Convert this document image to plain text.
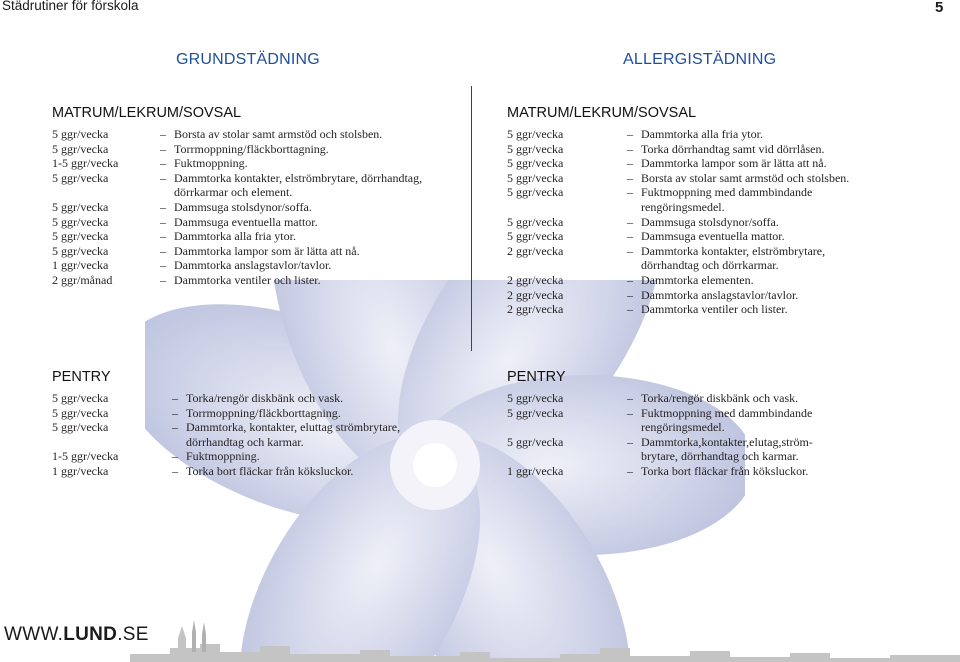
Städrutiner för förskola	5
GRUNDSTÄDNING	ALLERGISTÄDNING
MATRUM/LEKRUM/SOVSAL
5 ggr/vecka	– Borsta av stolar samt armstöd och stolsben.
5 ggr/vecka	– Torrmoppning/fläckborttagning.
1-5 ggr/vecka	– Fuktmoppning.
5 ggr/vecka	– Dammtorka kontakter, elströmbrytare, dörrhandtag, dörrkarmar och element.
5 ggr/vecka	– Dammsuga stolsdynor/soffa.
5 ggr/vecka	– Dammsuga eventuella mattor.
5 ggr/vecka	– Dammtorka alla fria ytor.
5 ggr/vecka	– Dammtorka lampor som är lätta att nå.
1 ggr/vecka	– Dammtorka anslagstavlor/tavlor.
2 ggr/månad	– Dammtorka ventiler och lister.
MATRUM/LEKRUM/SOVSAL
5 ggr/vecka	– Dammtorka alla fria ytor.
5 ggr/vecka	– Torka dörrhandtag samt vid dörrlåsen.
5 ggr/vecka	– Dammtorka lampor som är lätta att nå.
5 ggr/vecka	– Borsta av stolar samt armstöd och stolsben.
5 ggr/vecka	– Fuktmoppning med dammbindande rengöringsmedel.
5 ggr/vecka	– Dammsuga stolsdynor/soffa.
5 ggr/vecka	– Dammsuga eventuella mattor.
2 ggr/vecka	– Dammtorka kontakter, elströmbrytare, dörrhandtag och dörrkarmar.
2 ggr/vecka	– Dammtorka elementen.
2 ggr/vecka	– Dammtorka anslagstavlor/tavlor.
2 ggr/vecka	– Dammtorka ventiler och lister.
PENTRY
5 ggr/vecka	– Torka/rengör diskbänk och vask.
5 ggr/vecka	– Torrmoppning/fläckborttagning.
5 ggr/vecka	– Dammtorka, kontakter, eluttag strömbrytare, dörrhandtag och karmar.
1-5 ggr/vecka	– Fuktmoppning.
1 ggr/vecka	– Torka bort fläckar från köksluckor.
PENTRY
5 ggr/vecka	– Torka/rengör diskbänk och vask.
5 ggr/vecka	– Fuktmoppning med dammbindande rengöringsmedel.
5 ggr/vecka	– Dammtorka,kontakter,elutag,ström-brytare, dörrhandtag och karmar.
1 ggr/vecka	– Torka bort fläckar från köksluckor.
WWW.LUND.SE
